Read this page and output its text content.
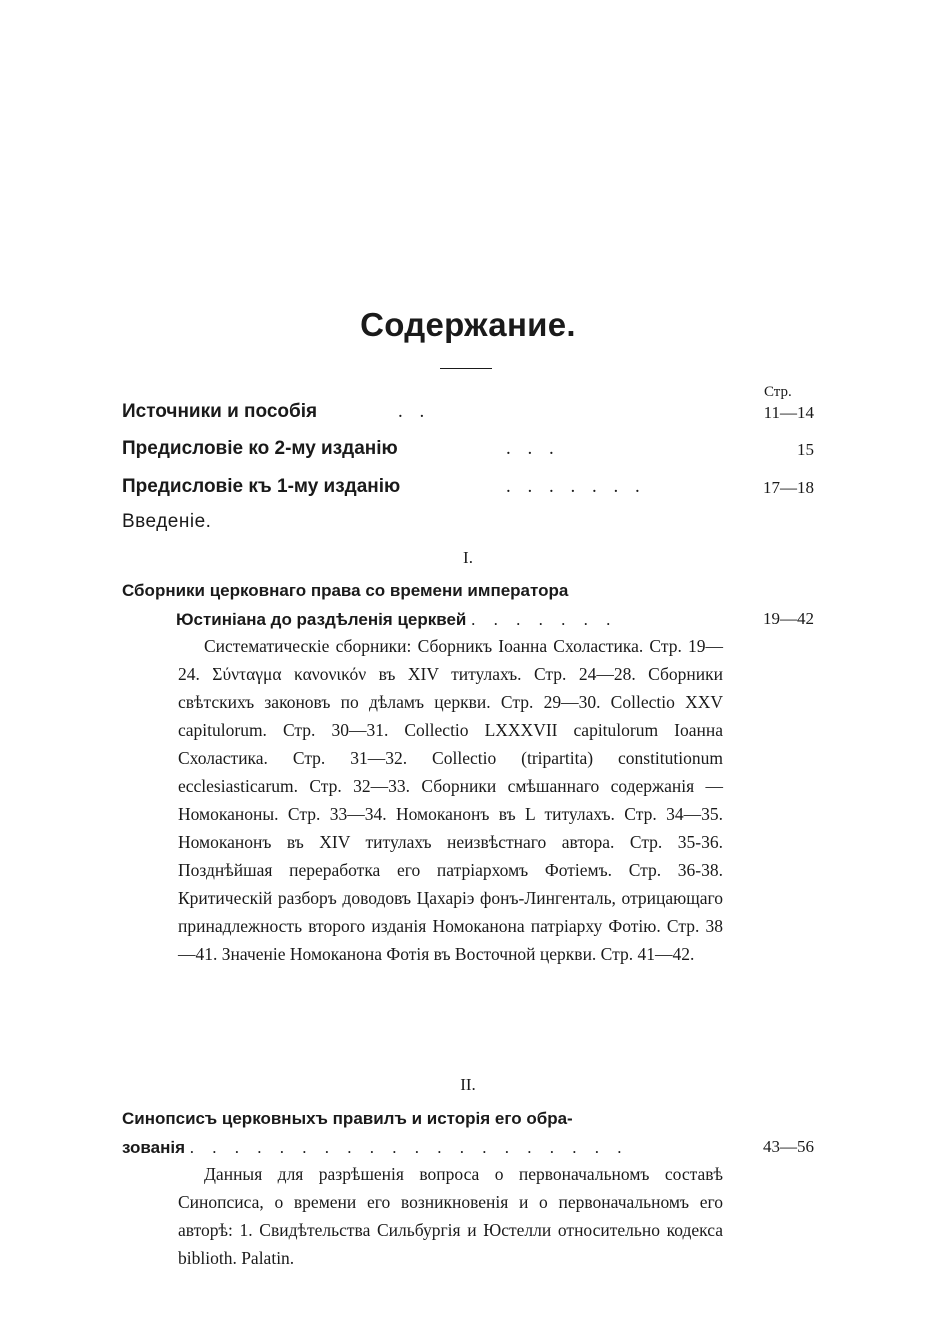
Содержание.
Стр.
Источники и пособія	. .	11—14
Предисловіе ко 2-му изданію	. . .	15
Предисловіе къ 1-му изданію	. . . . . . .	17—18
Введеніе.
I.
Сборники церковнаго права со времени императора
Юстиніана до раздѣленія церквей . . . . . . .	19—42
Систематическіе сборники: Сборникъ Іоанна Схоластика. Стр. 19—24. Σύνταγμα κανονικόν въ XIV титулахъ. Стр. 24—28. Сборники свѣтскихъ законовъ по дѣламъ церкви. Стр. 29—30. Collectio XXV capitulorum. Стр. 30—31. Collectio LXXXVII capitulorum Іоанна Схоластика. Стр. 31—32. Collectio (tripartita) constitutionum ecclesiasticarum. Стр. 32—33. Сборники смѣшаннаго содержанія — Номоканоны. Стр. 33—34. Номоканонъ въ L титулахъ. Стр. 34—35. Номоканонъ въ XIV титулахъ неизвѣстнаго автора. Стр. 35-36. Позднѣйшая переработка его патріархомъ Фотіемъ. Стр. 36-38. Критическій разборъ доводовъ Цахаріэ фонъ-Лингенталь, отрицающаго принадлежность второго изданія Номоканона патріарху Фотію. Стр. 38—41. Значеніе Номоканона Фотія въ Восточной церкви. Стр. 41—42.
II.
Синопсисъ церковныхъ правилъ и исторія его обра-
зованія . . . . . . . . . . . . . . . . . . . .	43—56
Данныя для разрѣшенія вопроса о первоначальномъ составѣ Синопсиса, о времени его возникновенія и о первоначальномъ его авторѣ: 1. Свидѣтельства Сильбургія и Юстелли относительно кодекса biblioth. Palatin.
